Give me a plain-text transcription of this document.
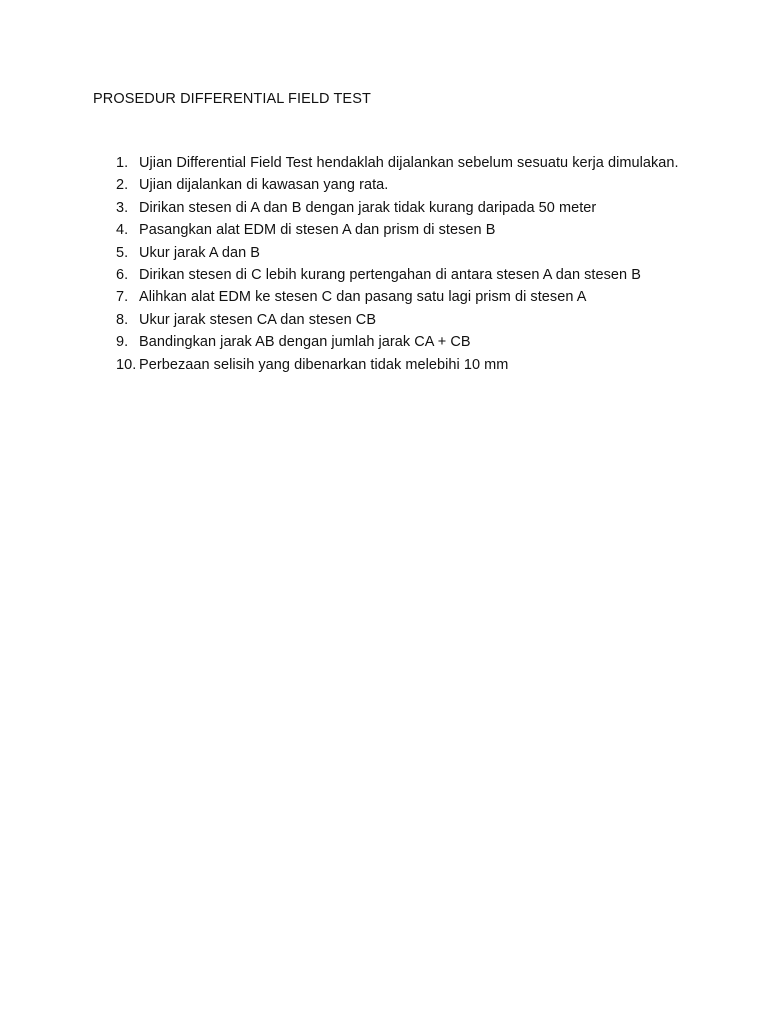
PROSEDUR DIFFERENTIAL FIELD TEST
1. Ujian Differential Field Test hendaklah dijalankan sebelum sesuatu kerja dimulakan.
2. Ujian dijalankan di kawasan yang rata.
3. Dirikan stesen di A dan B dengan jarak tidak kurang daripada 50 meter
4. Pasangkan alat EDM di stesen A dan prism di stesen B
5. Ukur jarak A dan B
6. Dirikan stesen di C lebih kurang pertengahan di antara stesen A dan stesen B
7. Alihkan alat EDM ke stesen C dan pasang satu lagi prism di stesen A
8. Ukur jarak stesen CA dan stesen CB
9. Bandingkan jarak AB dengan jumlah jarak CA + CB
10. Perbezaan selisih yang dibenarkan tidak melebihi 10 mm
